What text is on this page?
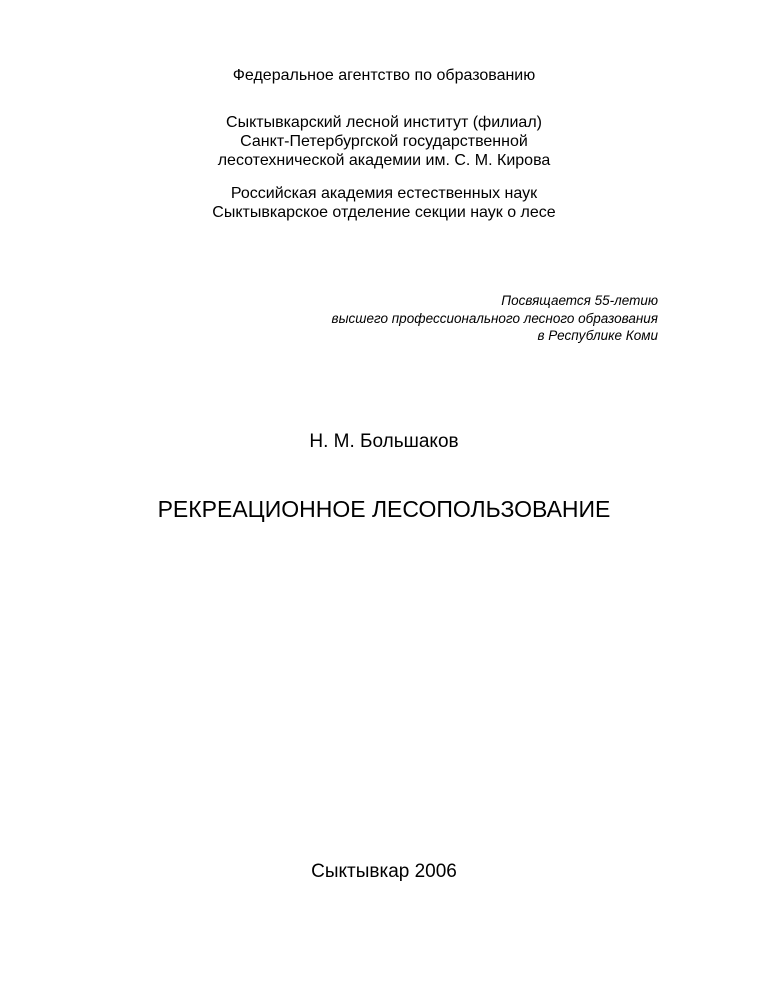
Федеральное агентство по образованию
Сыктывкарский лесной институт (филиал)
Санкт-Петербургской государственной
лесотехнической академии им. С. М. Кирова
Российская академия естественных наук
Сыктывкарское отделение секции наук о лесе
Посвящается 55-летию
высшего профессионального лесного образования
в Республике Коми
Н. М. Большаков
РЕКРЕАЦИОННОЕ ЛЕСОПОЛЬЗОВАНИЕ
Сыктывкар 2006
